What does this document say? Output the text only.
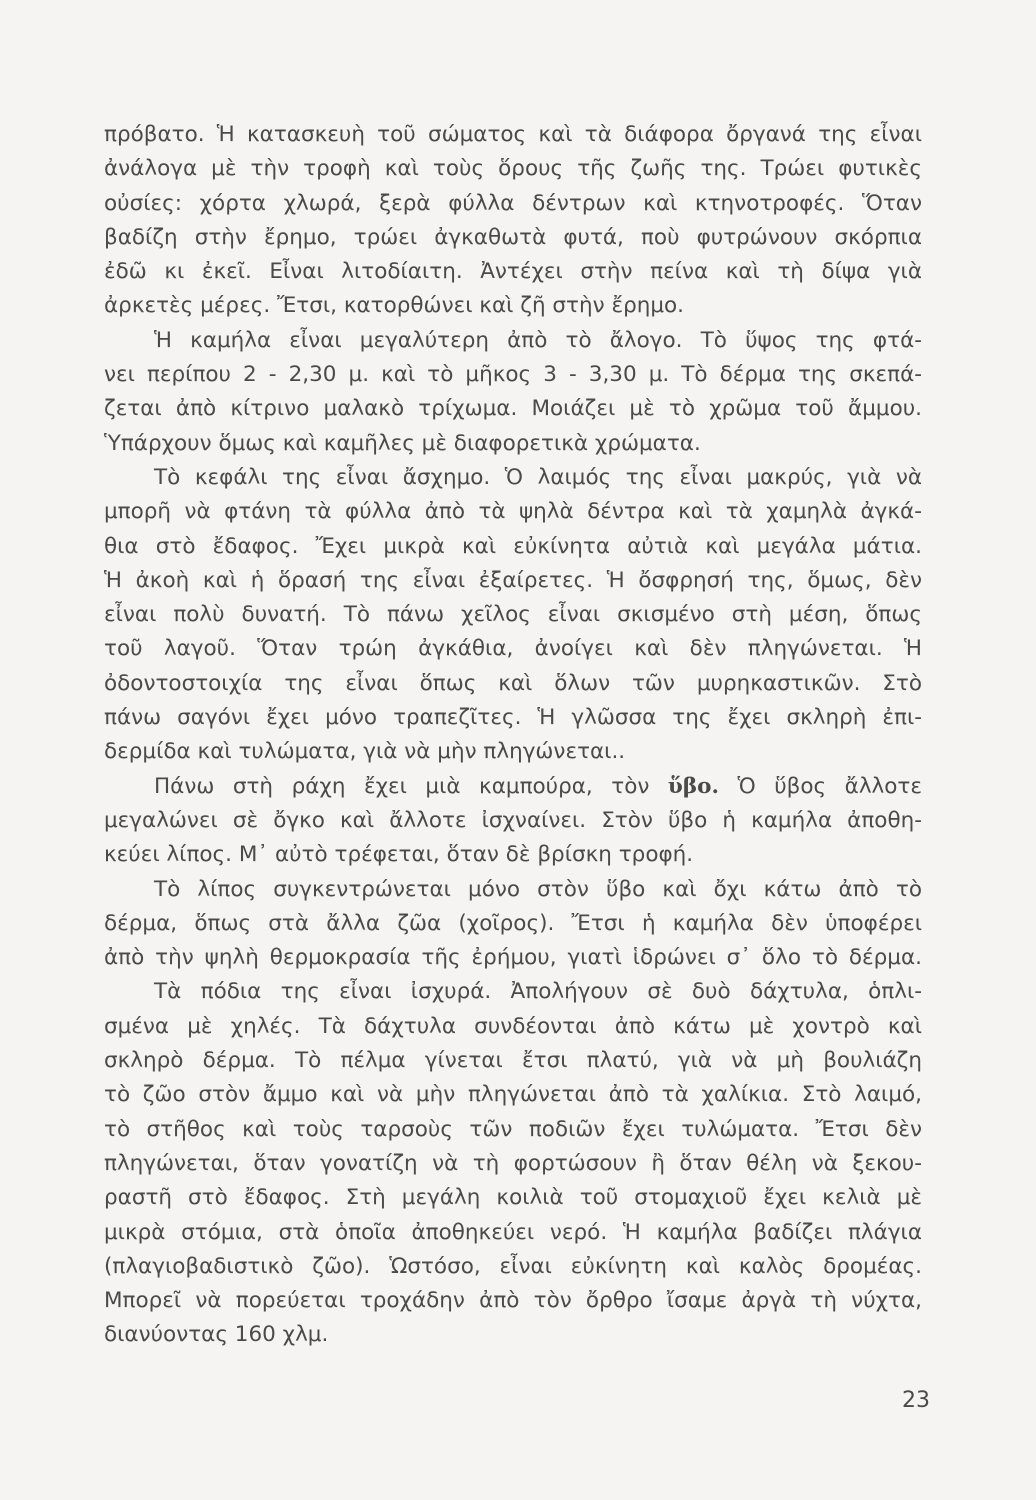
πρόβατο. Ἡ κατασκευὴ τοῦ σώματος καὶ τὰ διάφορα ὄργανά της εἶναι
ἀνάλογα μὲ τὴν τροφὴ καὶ τοὺς ὅρους τῆς ζωῆς της. Τρώει φυτικὲς
οὐσίες: χόρτα χλωρά, ξερὰ φύλλα δέντρων καὶ κτηνοτροφές. Ὅταν
βαδίζη στὴν ἔρημο, τρώει ἀγκαθωτὰ φυτά, ποὺ φυτρώνουν σκόρπια
ἐδῶ κι ἐκεῖ. Εἶναι λιτοδίαιτη. Ἀντέχει στὴν πείνα καὶ τὴ δίψα γιὰ
ἀρκετὲς μέρες. Ἔτσι, κατορθώνει καὶ ζῆ στὴν ἔρημο.
Ἡ καμήλα εἶναι μεγαλύτερη ἀπὸ τὸ ἄλογο. Τὸ ὕψος της φτά-
νει περίπου 2 - 2,30 μ. καὶ τὸ μῆκος 3 - 3,30 μ. Τὸ δέρμα της σκεπά-
ζεται ἀπὸ κίτρινο μαλακὸ τρίχωμα. Μοιάζει μὲ τὸ χρῶμα τοῦ ἄμμου.
Ὑπάρχουν ὅμως καὶ καμῆλες μὲ διαφορετικὰ χρώματα.
Τὸ κεφάλι της εἶναι ἄσχημο. Ὁ λαιμός της εἶναι μακρύς, γιὰ νὰ
μπορῆ νὰ φτάνη τὰ φύλλα ἀπὸ τὰ ψηλὰ δέντρα καὶ τὰ χαμηλὰ ἀγκά-
θια στὸ ἔδαφος. Ἔχει μικρὰ καὶ εὐκίνητα αὐτιὰ καὶ μεγάλα μάτια.
Ἡ ἀκοὴ καὶ ἡ ὅρασή της εἶναι ἐξαίρετες. Ἡ ὄσφρησή της, ὅμως, δὲν
εἶναι πολὺ δυνατή. Τὸ πάνω χεῖλος εἶναι σκισμένο στὴ μέση, ὅπως
τοῦ λαγοῦ. Ὅταν τρώη ἀγκάθια, ἀνοίγει καὶ δὲν πληγώνεται. Ἡ
ὀδοντοστοιχία της εἶναι ὅπως καὶ ὅλων τῶν μυρηκαστικῶν. Στὸ
πάνω σαγόνι ἔχει μόνο τραπεζῖτες. Ἡ γλῶσσα της ἔχει σκληρὴ ἐπι-
δερμίδα καὶ τυλώματα, γιὰ νὰ μὴν πληγώνεται..
Πάνω στὴ ράχη ἔχει μιὰ καμπούρα, τὸν ὕβο. Ὁ ὕβος ἄλλοτε
μεγαλώνει σὲ ὄγκο καὶ ἄλλοτε ἰσχναίνει. Στὸν ὕβο ἡ καμήλα ἀποθη-
κεύει λίπος. Μ᾽ αὐτὸ τρέφεται, ὅταν δὲ βρίσκη τροφή.
Τὸ λίπος συγκεντρώνεται μόνο στὸν ὕβο καὶ ὄχι κάτω ἀπὸ τὸ
δέρμα, ὅπως στὰ ἄλλα ζῶα (χοῖρος). Ἔτσι ἡ καμήλα δὲν ὑποφέρει
ἀπὸ τὴν ψηλὴ θερμοκρασία τῆς ἐρήμου, γιατὶ ἱδρώνει σ᾽ ὅλο τὸ δέρμα.
Τὰ πόδια της εἶναι ἰσχυρά. Ἀπολήγουν σὲ δυὸ δάχτυλα, ὁπλι-
σμένα μὲ χηλές. Τὰ δάχτυλα συνδέονται ἀπὸ κάτω μὲ χοντρὸ καὶ
σκληρὸ δέρμα. Τὸ πέλμα γίνεται ἔτσι πλατύ, γιὰ νὰ μὴ βουλιάζη
τὸ ζῶο στὸν ἄμμο καὶ νὰ μὴν πληγώνεται ἀπὸ τὰ χαλίκια. Στὸ λαιμό,
τὸ στῆθος καὶ τοὺς ταρσοὺς τῶν ποδιῶν ἔχει τυλώματα. Ἔτσι δὲν
πληγώνεται, ὅταν γονατίζη νὰ τὴ φορτώσουν ἢ ὅταν θέλη νὰ ξεκου-
ραστῆ στὸ ἔδαφος. Στὴ μεγάλη κοιλιὰ τοῦ στομαχιοῦ ἔχει κελιὰ μὲ
μικρὰ στόμια, στὰ ὁποῖα ἀποθηκεύει νερό. Ἡ καμήλα βαδίζει πλάγια
(πλαγιοβαδιστικὸ ζῶο). Ὡστόσο, εἶναι εὐκίνητη καὶ καλὸς δρομέας.
Μπορεῖ νὰ πορεύεται τροχάδην ἀπὸ τὸν ὄρθρο ἴσαμε ἀργὰ τὴ νύχτα,
διανύοντας 160 χλμ.
23
